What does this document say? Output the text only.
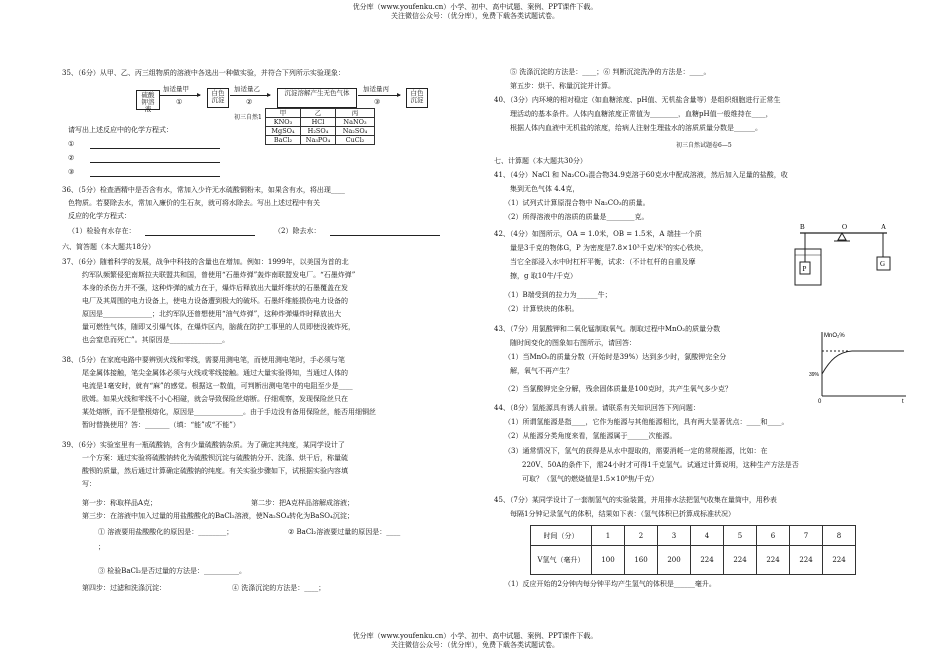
优分库（www.youfenku.cn）小学、初中、高中试题、案例、PPT课件下载。
关注微信公众号：（优分库），免费下载各类试题试卷。
35、（6分）从甲、乙、丙三组物质的溶液中各选出一种做实验，并符合下列所示实验现象：
硫酸钾溶液
加适量甲
①
白色沉淀
加适量乙
②
沉淀溶解产生无色气体	加适量丙
③
白色沉淀
初三自然1
甲	乙	丙
KNO₃	HCl	NaNO₃
MgSO₄	H₂SO₄	Na₂SO₄
BaCl₂	Na₃PO₄	CuCl₂
请写出上述反应中的化学方程式：
①
②
③
36、（5分）检查酒精中是否含有水，常加入少许无水硫酸铜粉末，如果含有水，将出现____
色物质。若要除去水，常加入廉价的生石灰，就可将水除去。写出上述过程中有关
反应的化学方程式：
（1）检验有水存在：	（2）除去水：
六、简答题（本大题共18分）
37、（6分）随着科学的发展，战争中科技的含量也在增加。例如：1999年，以美国为首的北
约军队频繁侵犯南斯拉夫联盟共和国，曾使用“石墨炸弹”轰炸南联盟发电厂。“石墨炸弹”
本身的杀伤力并不强，这种炸弹的威力在于，爆炸后释放出大量纤维状的石墨覆盖在发
电厂及其周围的电力设备上，使电力设备遭到极大的破坏。石墨纤维能损伤电力设备的
原因是______________；北约军队还曾想使用“油气炸弹”，这种炸弹爆炸时释放出大
量可燃性气体，随即又引爆气体，在爆炸区内，脑裁在防护工事里的人员即使没被炸死，
也会窒息而死亡”。其原因是_______________。
38、（5分）在家庭电路中要辨别火线和零线，需要用测电笔，而使用测电笔时，手必须与笔
尾金属体接触，笔尖金属体必须与火线或零线接触。通过大量实验得知，当通过人体的
电流是1毫安时，就有“麻”的感觉。根据这一数值，可判断出测电笔中的电阻至少是____
欧姆。如果火线和零线不小心相碰，就会导致保险丝熔断。仔细观察，发现保险丝只在
某处熔断，而不是整根熔化，原因是______________。由于手边没有备用保险丝，能否用细铜丝
暂时替换使用？答：_______（填：“能”或“不能”）
39、（6分）实验室里有一瓶硫酸钠，含有少量硫酸钠杂质。为了确定其纯度，某同学设计了
一个方案：通过实验将硫酸钠转化为硫酸钡沉淀与硫酸钠分开、洗涤、烘干后，称量硫
酸钡的质量，然后通过计算确定硫酸钠的纯度。有关实验步骤如下，试根据实验内容填
写：
第一步：称取样品A克；	第二步：把A克样品溶解成溶液；
第三步：在溶液中加入过量的用盐酸酸化的BaCl₂溶液，使Na₂SO₄转化为BaSO₄沉淀；
① 溶液要用盐酸酸化的原因是：________；	② BaCl₂溶液要过量的原因是：____
；
③ 检验BaCl₂是否过量的方法是：__________。
第四步：过滤和洗涤沉淀：	④ 洗涤沉淀的方法是：____；
⑤ 洗涤沉淀的方法是：____；⑥ 判断沉淀洗净的方法是：____。
第五步：烘干、称量沉淀并计算。
40、（3分）内环境的相对稳定（如血糖浓度、pH值、无机盐含量等）是组织细胞进行正常生
理活动的基本条件。人体内血糖浓度正常值为________，血糖pH值一般维持在____，
根据人体内血液中无机盐的浓度，给病人注射生理盐水的溶质质量分数是______。
初三自然试题卷6—5
七、计算题（本大题共30分）
41、（4分）NaCl 和 Na₂CO₃混合物34.9克溶于60克水中配成溶液，然后加入足量的盐酸，收
集到无色气体 4.4克，
（1）试列式计算原混合物中 Na₂CO₃的质量。
（2）所得溶液中的溶质的质量是________克。
42、（4分）如图所示，OA = 1.0米，OB = 1.5米，A 端挂一个质
量是3千克的物体G，P 为密度是7.8×10³千克/米³的实心铁块，
当它全部浸入水中时杠杆平衡，试求：（不计杠杆的自重及摩
擦，g 取10牛/千克）
（1）B端受到的拉力为______牛；
（2）计算铁块的体积。
B	O	A
P
G
43、（7分）用氯酸钾和二氧化锰制取氧气。制取过程中MnO₂的质量分数
随时间变化的图象如右图所示，请回答：
（1）当MnO₂的质量分数（开始时是39%）达到多少时，氯酸钾完全分
解，氧气不再产生？
（2）当氯酸钾完全分解，残余固体质量是100克时，共产生氧气多少克？
MnO₂%
39%
0	t
44、（8分）氢能源具有诱人前景。请联系有关知识回答下列问题：
（1）所谓氢能源是指____，它作为能源与其他能源相比，具有两大显著优点：____和____。
（2）从能源分类角度来看，氢能源属于______次能源。
（3）通常情况下，氢气的获得是从水中提取的，需要消耗一定的常规能源，比如：在
220V、50A的条件下，需24小时才可得1千克氢气。试通过计算说明，这种生产方法是否
可取？（氢气的燃烧值是1.5×10⁸焦/千克）
45、（7分）某同学设计了一套制氢气的实验装置，并用排水法把氢气收集在量筒中，用秒表
每隔1分钟记录氢气的体积，结果如下表：（氢气体积已折算成标准状况）
时间（分）	1	2	3	4	5	6	7	8
V氢气（毫升）	100	160	200	224	224	224	224	224
（1）反应开始的2分钟内每分钟平均产生氢气的体积是______毫升。
优分库（www.youfenku.cn）小学、初中、高中试题、案例、PPT课件下载。
关注微信公众号：（优分库），免费下载各类试题试卷。
